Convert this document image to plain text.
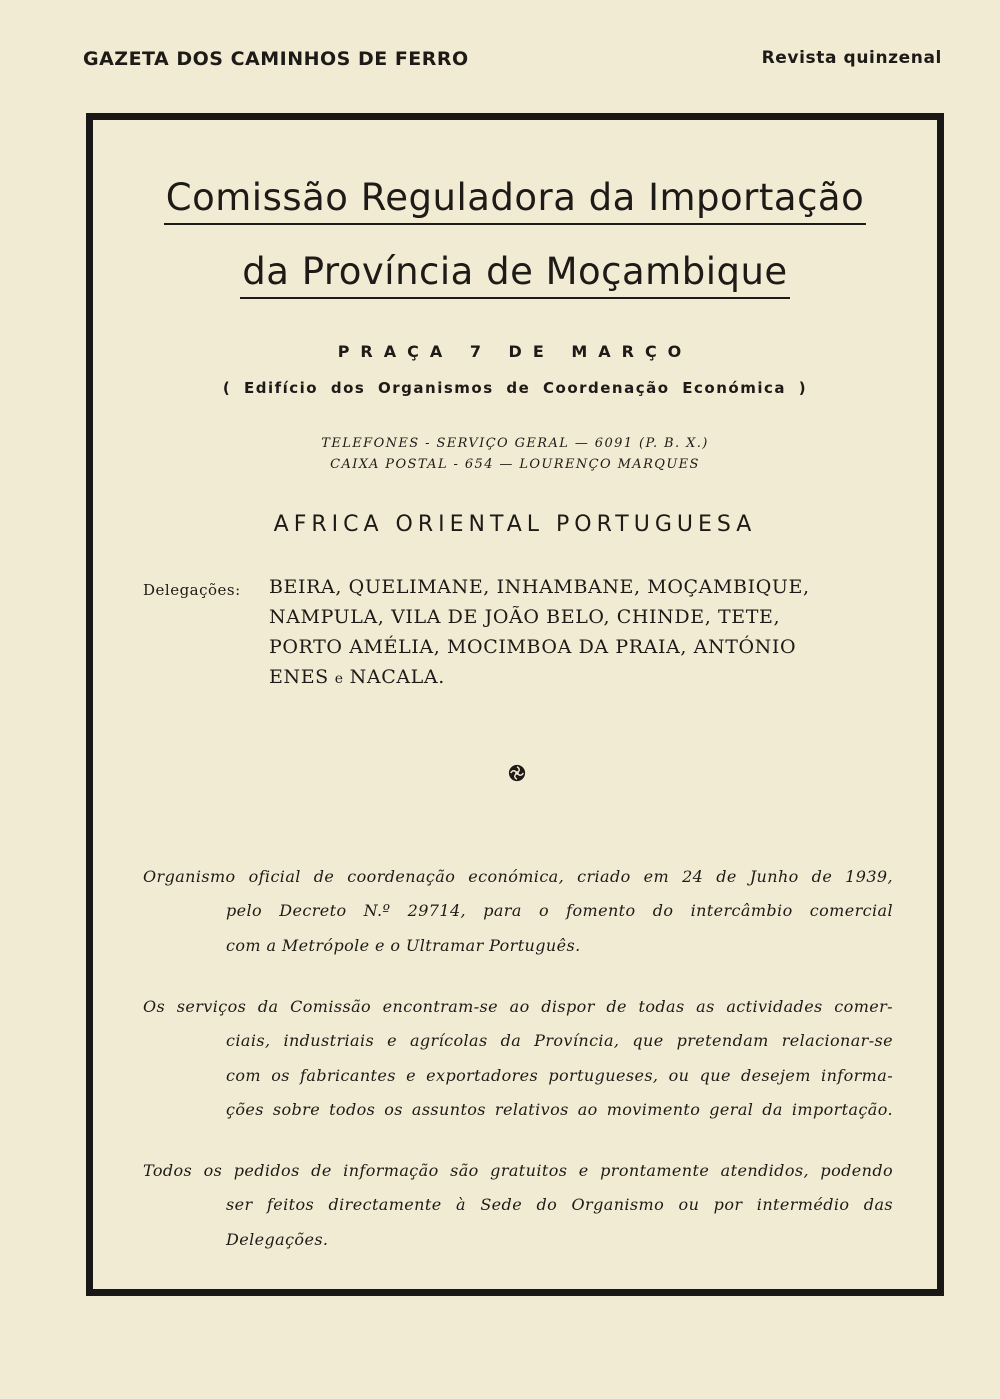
GAZETA DOS CAMINHOS DE FERRO	Revista quinzenal
Comissão Reguladora da Importação
da Província de Moçambique
PRAÇA 7 DE MARÇO
( Edifício dos Organismos de Coordenação Económica )
TELEFONES - SERVIÇO GERAL — 6091 (P. B. X.)
CAIXA POSTAL - 654 — LOURENÇO MARQUES
AFRICA ORIENTAL PORTUGUESA
Delegações: BEIRA, QUELIMANE, INHAMBANE, MOÇAMBIQUE,
NAMPULA, VILA DE JOÃO BELO, CHINDE, TETE,
PORTO AMÉLIA, MOCIMBOA DA PRAIA, ANTÓNIO
ENES e NACALA.
Organismo oficial de coordenação económica, criado em 24 de Junho de 1939,
pelo Decreto N.º 29714, para o fomento do intercâmbio comercial
com a Metrópole e o Ultramar Português.
Os serviços da Comissão encontram-se ao dispor de todas as actividades comer-
ciais, industriais e agrícolas da Província, que pretendam relacionar-se
com os fabricantes e exportadores portugueses, ou que desejem informa-
ções sobre todos os assuntos relativos ao movimento geral da importação.
Todos os pedidos de informação são gratuitos e prontamente atendidos, podendo
ser feitos directamente à Sede do Organismo ou por intermédio das
Delegações.
